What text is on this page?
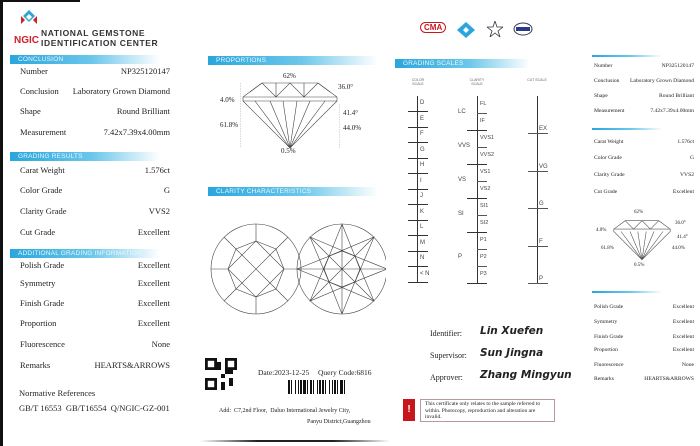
NGIC
NATIONAL GEMSTONE
IDENTIFICATION CENTER
CONCLUSION
GRADING RESULTS
ADDITIONAL GRADING INFORMATION
Number	NP325120147
Conclusion Laboratory Grown Diamond
Shape	Round Brilliant
Measurement	7.42x7.39x4.00mm
Carat Weight	1.576ct
Color Grade	G
Clarity Grade	VVS2
Cut Grade	Excellent
Polish Grade	Excellent
Symmetry	Excellent
Finish Grade	Excellent
Proportion	Excellent
Fluorescence	None
Remarks	HEARTS&ARROWS
Normative References
GB/T 16553  GB/T16554  Q/NGIC-GZ-001
PROPORTIONS
62%
36.0°
4.0%
41.4°
61.8%	44.0%
0.5%
CLARITY CHARACTERISTICS
Date:2023-12-25 Query Code:6816
Add:  C7,2nd Floor,  Daluo International Jewelry City,
Panyu District,Guangzhou
CMA
GRADING SCALES
COLOR SCALE
CLARITY SCALE
CUT SCALE
D
E
F
G
H
I
J
K
L
M
N
< N
FL
IF
VVS1
VVS2
VS1
VS2
SI1
SI2
P1
P2
P3
LC
VVS
VS
SI
P
EX
VG
G
F
P
Identifier: Lin Xuefen
Supervisor: Sun Jingna
Approver: Zhang Mingyun
!	This certificate only relates to the sample referred to within. Photocopy, reproduction and alteration are invalid.
Number	NP325120147
Conclusion Laboratory Grown Diamond
Shape	Round Brilliant
Measurement	7.42x7.39x4.00mm
Carat Weight	1.576ct
Color Grade	G
Clarity Grade	VVS2
Cut Grade	Excellent
Polish Grade	Excellent
Symmetry	Excellent
Finish Grade	Excellent
Proportion	Excellent
Fluorescence	None
Remarks	HEARTS&ARROWS
62%
36.0°
4.0%
41.4°
61.8%	44.0%
0.5%
